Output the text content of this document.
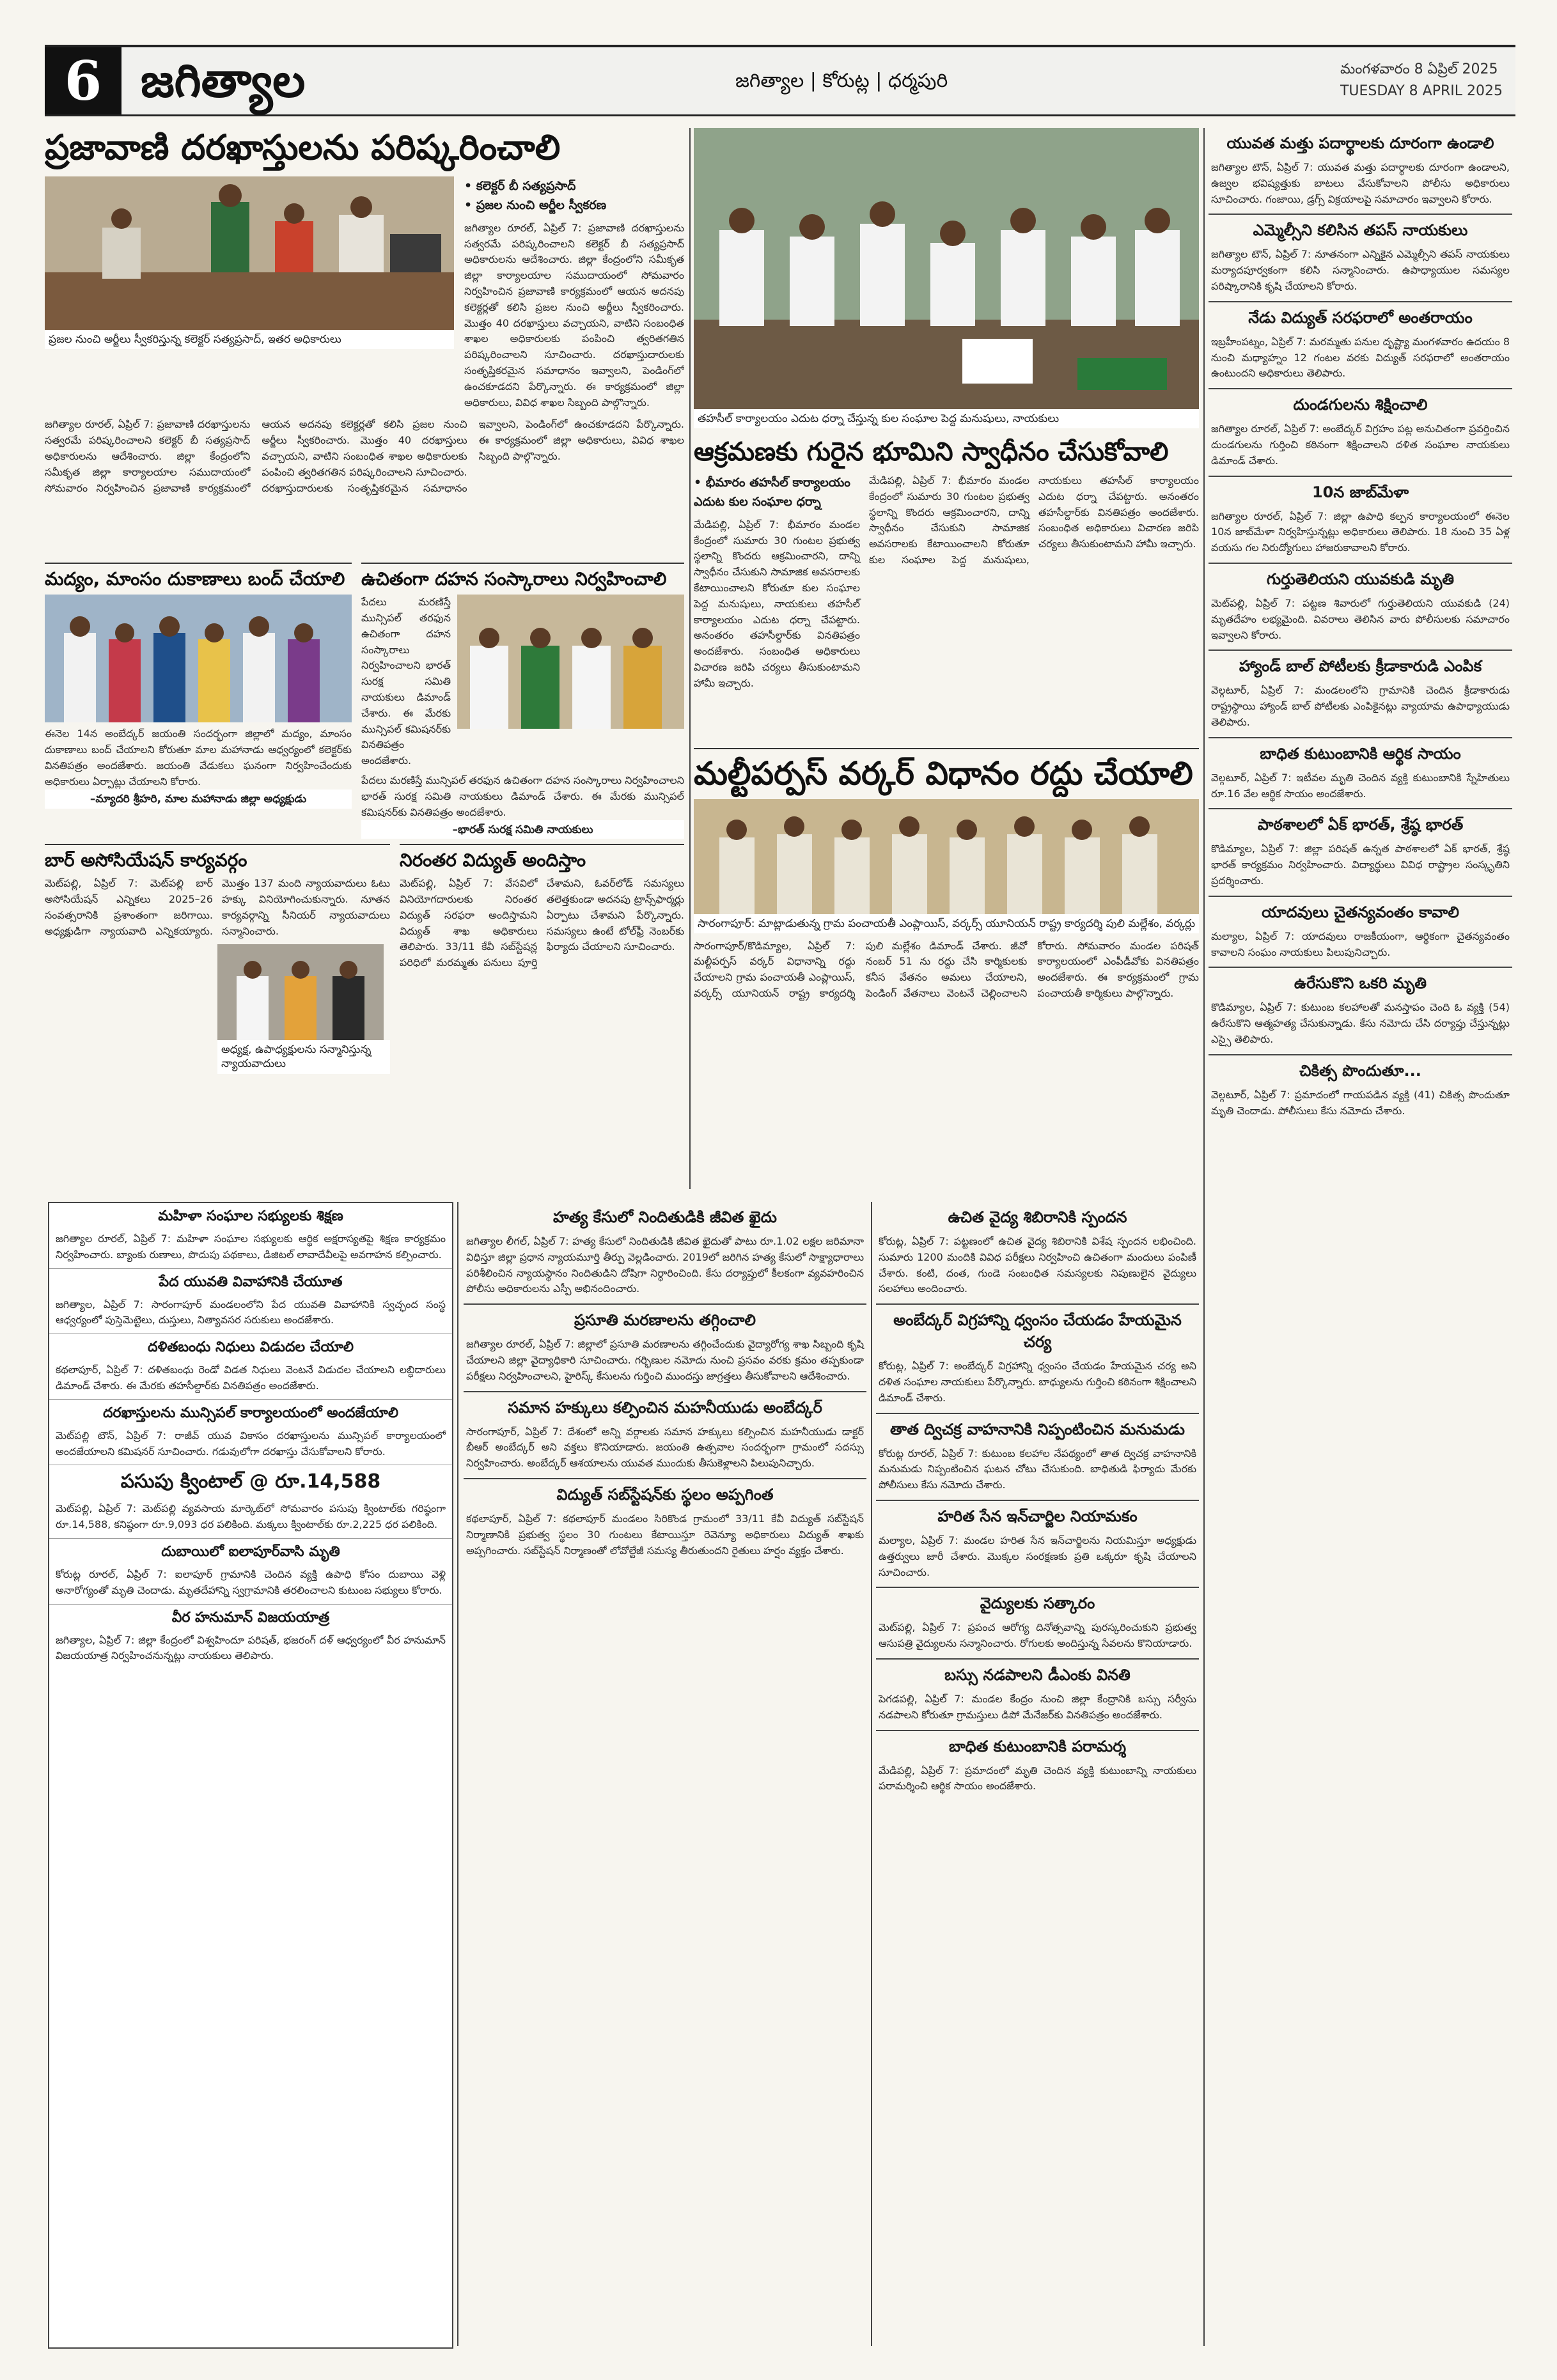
6 జగిత్యాల	జగిత్యాల | కోరుట్ల | ధర్మపురి
మంగళవారం 8 ఏప్రిల్ 2025
TUESDAY 8 APRIL 2025
ప్రజావాణి దరఖాస్తులను పరిష్కరించాలి
ప్రజల నుంచి అర్జీలు స్వీకరిస్తున్న కలెక్టర్ సత్యప్రసాద్, ఇతర అధికారులు
• కలెక్టర్ బీ సత్యప్రసాద్
• ప్రజల నుంచి అర్జీల స్వీకరణ
జగిత్యాల రూరల్, ఏప్రిల్ 7: ప్రజావాణి దరఖాస్తులను సత్వరమే పరిష్కరించాలని కలెక్టర్ బీ సత్యప్రసాద్ అధికారులను ఆదేశించారు. జిల్లా కేంద్రంలోని సమీకృత జిల్లా కార్యాలయాల సముదాయంలో సోమవారం నిర్వహించిన ప్రజావాణి కార్యక్రమంలో ఆయన అదనపు కలెక్టర్లతో కలిసి ప్రజల నుంచి అర్జీలు స్వీకరించారు. మొత్తం 40 దరఖాస్తులు వచ్చాయని, వాటిని సంబంధిత శాఖల అధికారులకు పంపించి త్వరితగతిన పరిష్కరించాలని సూచించారు. దరఖాస్తుదారులకు సంతృప్తికరమైన సమాధానం ఇవ్వాలని, పెండింగ్‌లో ఉంచకూడదని పేర్కొన్నారు. ఈ కార్యక్రమంలో జిల్లా అధికారులు, వివిధ శాఖల సిబ్బంది పాల్గొన్నారు.
జగిత్యాల రూరల్, ఏప్రిల్ 7: ప్రజావాణి దరఖాస్తులను సత్వరమే పరిష్కరించాలని కలెక్టర్ బీ సత్యప్రసాద్ అధికారులను ఆదేశించారు. జిల్లా కేంద్రంలోని సమీకృత జిల్లా కార్యాలయాల సముదాయంలో సోమవారం నిర్వహించిన ప్రజావాణి కార్యక్రమంలో ఆయన అదనపు కలెక్టర్లతో కలిసి ప్రజల నుంచి అర్జీలు స్వీకరించారు. మొత్తం 40 దరఖాస్తులు వచ్చాయని, వాటిని సంబంధిత శాఖల అధికారులకు పంపించి త్వరితగతిన పరిష్కరించాలని సూచించారు. దరఖాస్తుదారులకు సంతృప్తికరమైన సమాధానం ఇవ్వాలని, పెండింగ్‌లో ఉంచకూడదని పేర్కొన్నారు. ఈ కార్యక్రమంలో జిల్లా అధికారులు, వివిధ శాఖల సిబ్బంది పాల్గొన్నారు.
మద్యం, మాంసం దుకాణాలు బంద్ చేయాలి
ఈనెల 14న అంబేద్కర్ జయంతి సందర్భంగా జిల్లాలో మద్యం, మాంసం దుకాణాలు బంద్ చేయాలని కోరుతూ మాల మహానాడు ఆధ్వర్యంలో కలెక్టర్‌కు వినతిపత్రం అందజేశారు. జయంతి వేడుకలు ఘనంగా నిర్వహించేందుకు అధికారులు ఏర్పాట్లు చేయాలని కోరారు.
–మ్యాదరి శ్రీహరి, మాల మహానాడు జిల్లా అధ్యక్షుడు
ఉచితంగా దహన సంస్కారాలు నిర్వహించాలి
పేదలు మరణిస్తే మున్సిపల్ తరఫున ఉచితంగా దహన సంస్కారాలు నిర్వహించాలని భారత్ సురక్ష సమితి నాయకులు డిమాండ్ చేశారు. ఈ మేరకు మున్సిపల్ కమిషనర్‌కు వినతిపత్రం అందజేశారు.
పేదలు మరణిస్తే మున్సిపల్ తరఫున ఉచితంగా దహన సంస్కారాలు నిర్వహించాలని భారత్ సురక్ష సమితి నాయకులు డిమాండ్ చేశారు. ఈ మేరకు మున్సిపల్ కమిషనర్‌కు వినతిపత్రం అందజేశారు.
–భారత్ సురక్ష సమితి నాయకులు
బార్ అసోసియేషన్ కార్యవర్గం
మెట్‌పల్లి, ఏప్రిల్ 7: మెట్‌పల్లి బార్ అసోసియేషన్ ఎన్నికలు 2025–26 సంవత్సరానికి ప్రశాంతంగా జరిగాయి. అధ్యక్షుడిగా న్యాయవాది ఎన్నికయ్యారు. మొత్తం 137 మంది న్యాయవాదులు ఓటు హక్కు వినియోగించుకున్నారు. నూతన కార్యవర్గాన్ని సీనియర్ న్యాయవాదులు సన్మానించారు.
అధ్యక్ష, ఉపాధ్యక్షులను సన్మానిస్తున్న న్యాయవాదులు
నిరంతర విద్యుత్ అందిస్తాం
మెట్‌పల్లి, ఏప్రిల్ 7: వేసవిలో వినియోగదారులకు నిరంతర విద్యుత్ సరఫరా అందిస్తామని విద్యుత్ శాఖ అధికారులు తెలిపారు. 33/11 కేవీ సబ్‌స్టేషన్ల పరిధిలో మరమ్మతు పనులు పూర్తి చేశామని, ఓవర్‌లోడ్ సమస్యలు తలెత్తకుండా అదనపు ట్రాన్స్‌ఫార్మర్లు ఏర్పాటు చేశామని పేర్కొన్నారు. సమస్యలు ఉంటే టోల్‌ఫ్రీ నెంబర్‌కు ఫిర్యాదు చేయాలని సూచించారు.
తహసీల్ కార్యాలయం ఎదుట ధర్నా చేస్తున్న కుల సంఘాల పెద్ద మనుషులు, నాయకులు
ఆక్రమణకు గురైన భూమిని స్వాధీనం చేసుకోవాలి
• భీమారం తహసీల్ కార్యాలయం ఎదుట కుల సంఘాల ధర్నా
మేడిపల్లి, ఏప్రిల్ 7: భీమారం మండల కేంద్రంలో సుమారు 30 గుంటల ప్రభుత్వ స్థలాన్ని కొందరు ఆక్రమించారని, దాన్ని స్వాధీనం చేసుకుని సామాజిక అవసరాలకు కేటాయించాలని కోరుతూ కుల సంఘాల పెద్ద మనుషులు, నాయకులు తహసీల్ కార్యాలయం ఎదుట ధర్నా చేపట్టారు. అనంతరం తహసీల్దార్‌కు వినతిపత్రం అందజేశారు. సంబంధిత అధికారులు విచారణ జరిపి చర్యలు తీసుకుంటామని హామీ ఇచ్చారు.
మేడిపల్లి, ఏప్రిల్ 7: భీమారం మండల కేంద్రంలో సుమారు 30 గుంటల ప్రభుత్వ స్థలాన్ని కొందరు ఆక్రమించారని, దాన్ని స్వాధీనం చేసుకుని సామాజిక అవసరాలకు కేటాయించాలని కోరుతూ కుల సంఘాల పెద్ద మనుషులు, నాయకులు తహసీల్ కార్యాలయం ఎదుట ధర్నా చేపట్టారు. అనంతరం తహసీల్దార్‌కు వినతిపత్రం అందజేశారు. సంబంధిత అధికారులు విచారణ జరిపి చర్యలు తీసుకుంటామని హామీ ఇచ్చారు.
మల్టీపర్పస్ వర్కర్ విధానం రద్దు చేయాలి
సారంగాపూర్: మాట్లాడుతున్న గ్రామ పంచాయతీ ఎంప్లాయిస్, వర్కర్స్ యూనియన్ రాష్ట్ర కార్యదర్శి పులి మల్లేశం, వర్కర్లు
సారంగాపూర్/కొడిమ్యాల, ఏప్రిల్ 7: మల్టీపర్పస్ వర్కర్ విధానాన్ని రద్దు చేయాలని గ్రామ పంచాయతీ ఎంప్లాయిస్, వర్కర్స్ యూనియన్ రాష్ట్ర కార్యదర్శి పులి మల్లేశం డిమాండ్ చేశారు. జీవో నంబర్ 51 ను రద్దు చేసి కార్మికులకు కనీస వేతనం అమలు చేయాలని, పెండింగ్ వేతనాలు వెంటనే చెల్లించాలని కోరారు. సోమవారం మండల పరిషత్ కార్యాలయంలో ఎంపీడీవోకు వినతిపత్రం అందజేశారు. ఈ కార్యక్రమంలో గ్రామ పంచాయతీ కార్మికులు పాల్గొన్నారు.
మహిళా సంఘాల సభ్యులకు శిక్షణ
జగిత్యాల రూరల్, ఏప్రిల్ 7: మహిళా సంఘాల సభ్యులకు ఆర్థిక అక్షరాస్యతపై శిక్షణ కార్యక్రమం నిర్వహించారు. బ్యాంకు రుణాలు, పొదుపు పథకాలు, డిజిటల్ లావాదేవీలపై అవగాహన కల్పించారు.
పేద యువతి వివాహానికి చేయూత
జగిత్యాల, ఏప్రిల్ 7: సారంగాపూర్ మండలంలోని పేద యువతి వివాహానికి స్వచ్ఛంద సంస్థ ఆధ్వర్యంలో పుస్తెమెట్టెలు, దుస్తులు, నిత్యావసర సరుకులు అందజేశారు.
దళితబంధు నిధులు విడుదల చేయాలి
కథలాపూర్, ఏప్రిల్ 7: దళితబంధు రెండో విడత నిధులు వెంటనే విడుదల చేయాలని లబ్ధిదారులు డిమాండ్ చేశారు. ఈ మేరకు తహసీల్దార్‌కు వినతిపత్రం అందజేశారు.
దరఖాస్తులను మున్సిపల్ కార్యాలయంలో అందజేయాలి
మెట్‌పల్లి టౌన్, ఏప్రిల్ 7: రాజీవ్ యువ వికాసం దరఖాస్తులను మున్సిపల్ కార్యాలయంలో అందజేయాలని కమిషనర్ సూచించారు. గడువులోగా దరఖాస్తు చేసుకోవాలని కోరారు.
పసుపు క్వింటాల్ @ రూ.14,588
మెట్‌పల్లి, ఏప్రిల్ 7: మెట్‌పల్లి వ్యవసాయ మార్కెట్‌లో సోమవారం పసుపు క్వింటాల్‌కు గరిష్ఠంగా రూ.14,588, కనిష్ఠంగా రూ.9,093 ధర పలికింది. మక్కలు క్వింటాల్‌కు రూ.2,225 ధర పలికింది.
దుబాయిలో ఐలాపూర్‌వాసి మృతి
కోరుట్ల రూరల్, ఏప్రిల్ 7: ఐలాపూర్ గ్రామానికి చెందిన వ్యక్తి ఉపాధి కోసం దుబాయి వెళ్లి అనారోగ్యంతో మృతి చెందాడు. మృతదేహాన్ని స్వగ్రామానికి తరలించాలని కుటుంబ సభ్యులు కోరారు.
వీర హనుమాన్ విజయయాత్ర
జగిత్యాల, ఏప్రిల్ 7: జిల్లా కేంద్రంలో విశ్వహిందూ పరిషత్, భజరంగ్ దళ్ ఆధ్వర్యంలో వీర హనుమాన్ విజయయాత్ర నిర్వహించనున్నట్లు నాయకులు తెలిపారు.
హత్య కేసులో నిందితుడికి జీవిత ఖైదు
జగిత్యాల లీగల్, ఏప్రిల్ 7: హత్య కేసులో నిందితుడికి జీవిత ఖైదుతో పాటు రూ.1.02 లక్షల జరిమానా విధిస్తూ జిల్లా ప్రధాన న్యాయమూర్తి తీర్పు వెల్లడించారు. 2019లో జరిగిన హత్య కేసులో సాక్ష్యాధారాలు పరిశీలించిన న్యాయస్థానం నిందితుడిని దోషిగా నిర్ధారించింది. కేసు దర్యాప్తులో కీలకంగా వ్యవహరించిన పోలీసు అధికారులను ఎస్పీ అభినందించారు.
ప్రసూతి మరణాలను తగ్గించాలి
జగిత్యాల రూరల్, ఏప్రిల్ 7: జిల్లాలో ప్రసూతి మరణాలను తగ్గించేందుకు వైద్యారోగ్య శాఖ సిబ్బంది కృషి చేయాలని జిల్లా వైద్యాధికారి సూచించారు. గర్భిణుల నమోదు నుంచి ప్రసవం వరకు క్రమం తప్పకుండా పరీక్షలు నిర్వహించాలని, హైరిస్క్ కేసులను గుర్తించి ముందస్తు జాగ్రత్తలు తీసుకోవాలని ఆదేశించారు.
సమాన హక్కులు కల్పించిన మహనీయుడు అంబేద్కర్
సారంగాపూర్, ఏప్రిల్ 7: దేశంలో అన్ని వర్గాలకు సమాన హక్కులు కల్పించిన మహనీయుడు డాక్టర్ బీఆర్ అంబేద్కర్ అని వక్తలు కొనియాడారు. జయంతి ఉత్సవాల సందర్భంగా గ్రామంలో సదస్సు నిర్వహించారు. అంబేద్కర్ ఆశయాలను యువత ముందుకు తీసుకెళ్లాలని పిలుపునిచ్చారు.
విద్యుత్ సబ్‌స్టేషన్‌కు స్థలం అప్పగింత
కథలాపూర్, ఏప్రిల్ 7: కథలాపూర్ మండలం సిరికొండ గ్రామంలో 33/11 కేవీ విద్యుత్ సబ్‌స్టేషన్ నిర్మాణానికి ప్రభుత్వ స్థలం 30 గుంటలు కేటాయిస్తూ రెవెన్యూ అధికారులు విద్యుత్ శాఖకు అప్పగించారు. సబ్‌స్టేషన్ నిర్మాణంతో లోవోల్టేజీ సమస్య తీరుతుందని రైతులు హర్షం వ్యక్తం చేశారు.
ఉచిత వైద్య శిబిరానికి స్పందన
కోరుట్ల, ఏప్రిల్ 7: పట్టణంలో ఉచిత వైద్య శిబిరానికి విశేష స్పందన లభించింది. సుమారు 1200 మందికి వివిధ పరీక్షలు నిర్వహించి ఉచితంగా మందులు పంపిణీ చేశారు. కంటి, దంత, గుండె సంబంధిత సమస్యలకు నిపుణులైన వైద్యులు సలహాలు అందించారు.
అంబేద్కర్ విగ్రహాన్ని ధ్వంసం చేయడం హేయమైన చర్య
కోరుట్ల, ఏప్రిల్ 7: అంబేద్కర్ విగ్రహాన్ని ధ్వంసం చేయడం హేయమైన చర్య అని దళిత సంఘాల నాయకులు పేర్కొన్నారు. బాధ్యులను గుర్తించి కఠినంగా శిక్షించాలని డిమాండ్ చేశారు.
తాత ద్విచక్ర వాహనానికి నిప్పంటించిన మనుమడు
కోరుట్ల రూరల్, ఏప్రిల్ 7: కుటుంబ కలహాల నేపథ్యంలో తాత ద్విచక్ర వాహనానికి మనుమడు నిప్పంటించిన ఘటన చోటు చేసుకుంది. బాధితుడి ఫిర్యాదు మేరకు పోలీసులు కేసు నమోదు చేశారు.
హరిత సేన ఇన్‌చార్జిల నియామకం
మల్యాల, ఏప్రిల్ 7: మండల హరిత సేన ఇన్‌చార్జిలను నియమిస్తూ అధ్యక్షుడు ఉత్తర్వులు జారీ చేశారు. మొక్కల సంరక్షణకు ప్రతి ఒక్కరూ కృషి చేయాలని సూచించారు.
వైద్యులకు సత్కారం
మెట్‌పల్లి, ఏప్రిల్ 7: ప్రపంచ ఆరోగ్య దినోత్సవాన్ని పురస్కరించుకుని ప్రభుత్వ ఆసుపత్రి వైద్యులను సన్మానించారు. రోగులకు అందిస్తున్న సేవలను కొనియాడారు.
బస్సు నడపాలని డీఎంకు వినతి
పెగడపల్లి, ఏప్రిల్ 7: మండల కేంద్రం నుంచి జిల్లా కేంద్రానికి బస్సు సర్వీసు నడపాలని కోరుతూ గ్రామస్తులు డిపో మేనేజర్‌కు వినతిపత్రం అందజేశారు.
బాధిత కుటుంబానికి పరామర్శ
మేడిపల్లి, ఏప్రిల్ 7: ప్రమాదంలో మృతి చెందిన వ్యక్తి కుటుంబాన్ని నాయకులు పరామర్శించి ఆర్థిక సాయం అందజేశారు.
యువత మత్తు పదార్థాలకు దూరంగా ఉండాలి
జగిత్యాల టౌన్, ఏప్రిల్ 7: యువత మత్తు పదార్థాలకు దూరంగా ఉండాలని, ఉజ్వల భవిష్యత్తుకు బాటలు వేసుకోవాలని పోలీసు అధికారులు సూచించారు. గంజాయి, డ్రగ్స్ విక్రయాలపై సమాచారం ఇవ్వాలని కోరారు.
ఎమ్మెల్సీని కలిసిన తపస్ నాయకులు
జగిత్యాల టౌన్, ఏప్రిల్ 7: నూతనంగా ఎన్నికైన ఎమ్మెల్సీని తపస్ నాయకులు మర్యాదపూర్వకంగా కలిసి సన్మానించారు. ఉపాధ్యాయుల సమస్యల పరిష్కారానికి కృషి చేయాలని కోరారు.
నేడు విద్యుత్ సరఫరాలో అంతరాయం
ఇబ్రహీంపట్నం, ఏప్రిల్ 7: మరమ్మతు పనుల దృష్ట్యా మంగళవారం ఉదయం 8 నుంచి మధ్యాహ్నం 12 గంటల వరకు విద్యుత్ సరఫరాలో అంతరాయం ఉంటుందని అధికారులు తెలిపారు.
దుండగులను శిక్షించాలి
జగిత్యాల రూరల్, ఏప్రిల్ 7: అంబేద్కర్ విగ్రహం పట్ల అనుచితంగా ప్రవర్తించిన దుండగులను గుర్తించి కఠినంగా శిక్షించాలని దళిత సంఘాల నాయకులు డిమాండ్ చేశారు.
10న జాబ్‌మేళా
జగిత్యాల రూరల్, ఏప్రిల్ 7: జిల్లా ఉపాధి కల్పన కార్యాలయంలో ఈనెల 10న జాబ్‌మేళా నిర్వహిస్తున్నట్లు అధికారులు తెలిపారు. 18 నుంచి 35 ఏళ్ల వయసు గల నిరుద్యోగులు హాజరుకావాలని కోరారు.
గుర్తుతెలియని యువకుడి మృతి
మెట్‌పల్లి, ఏప్రిల్ 7: పట్టణ శివారులో గుర్తుతెలియని యువకుడి (24) మృతదేహం లభ్యమైంది. వివరాలు తెలిసిన వారు పోలీసులకు సమాచారం ఇవ్వాలని కోరారు.
హ్యాండ్ బాల్ పోటీలకు క్రీడాకారుడి ఎంపిక
వెల్గటూర్, ఏప్రిల్ 7: మండలంలోని గ్రామానికి చెందిన క్రీడాకారుడు రాష్ట్రస్థాయి హ్యాండ్ బాల్ పోటీలకు ఎంపికైనట్లు వ్యాయామ ఉపాధ్యాయుడు తెలిపారు.
బాధిత కుటుంబానికి ఆర్థిక సాయం
వెల్గటూర్, ఏప్రిల్ 7: ఇటీవల మృతి చెందిన వ్యక్తి కుటుంబానికి స్నేహితులు రూ.16 వేల ఆర్థిక సాయం అందజేశారు.
పాఠశాలలో ఏక్ భారత్, శ్రేష్ఠ భారత్
కొడిమ్యాల, ఏప్రిల్ 7: జిల్లా పరిషత్ ఉన్నత పాఠశాలలో ఏక్ భారత్, శ్రేష్ఠ భారత్ కార్యక్రమం నిర్వహించారు. విద్యార్థులు వివిధ రాష్ట్రాల సంస్కృతిని ప్రదర్శించారు.
యాదవులు చైతన్యవంతం కావాలి
మల్యాల, ఏప్రిల్ 7: యాదవులు రాజకీయంగా, ఆర్థికంగా చైతన్యవంతం కావాలని సంఘం నాయకులు పిలుపునిచ్చారు.
ఉరేసుకొని ఒకరి మృతి
కొడిమ్యాల, ఏప్రిల్ 7: కుటుంబ కలహాలతో మనస్తాపం చెంది ఓ వ్యక్తి (54) ఉరేసుకొని ఆత్మహత్య చేసుకున్నాడు. కేసు నమోదు చేసి దర్యాప్తు చేస్తున్నట్లు ఎస్సై తెలిపారు.
చికిత్స పొందుతూ...
వెల్గటూర్, ఏప్రిల్ 7: ప్రమాదంలో గాయపడిన వ్యక్తి (41) చికిత్స పొందుతూ మృతి చెందాడు. పోలీసులు కేసు నమోదు చేశారు.
